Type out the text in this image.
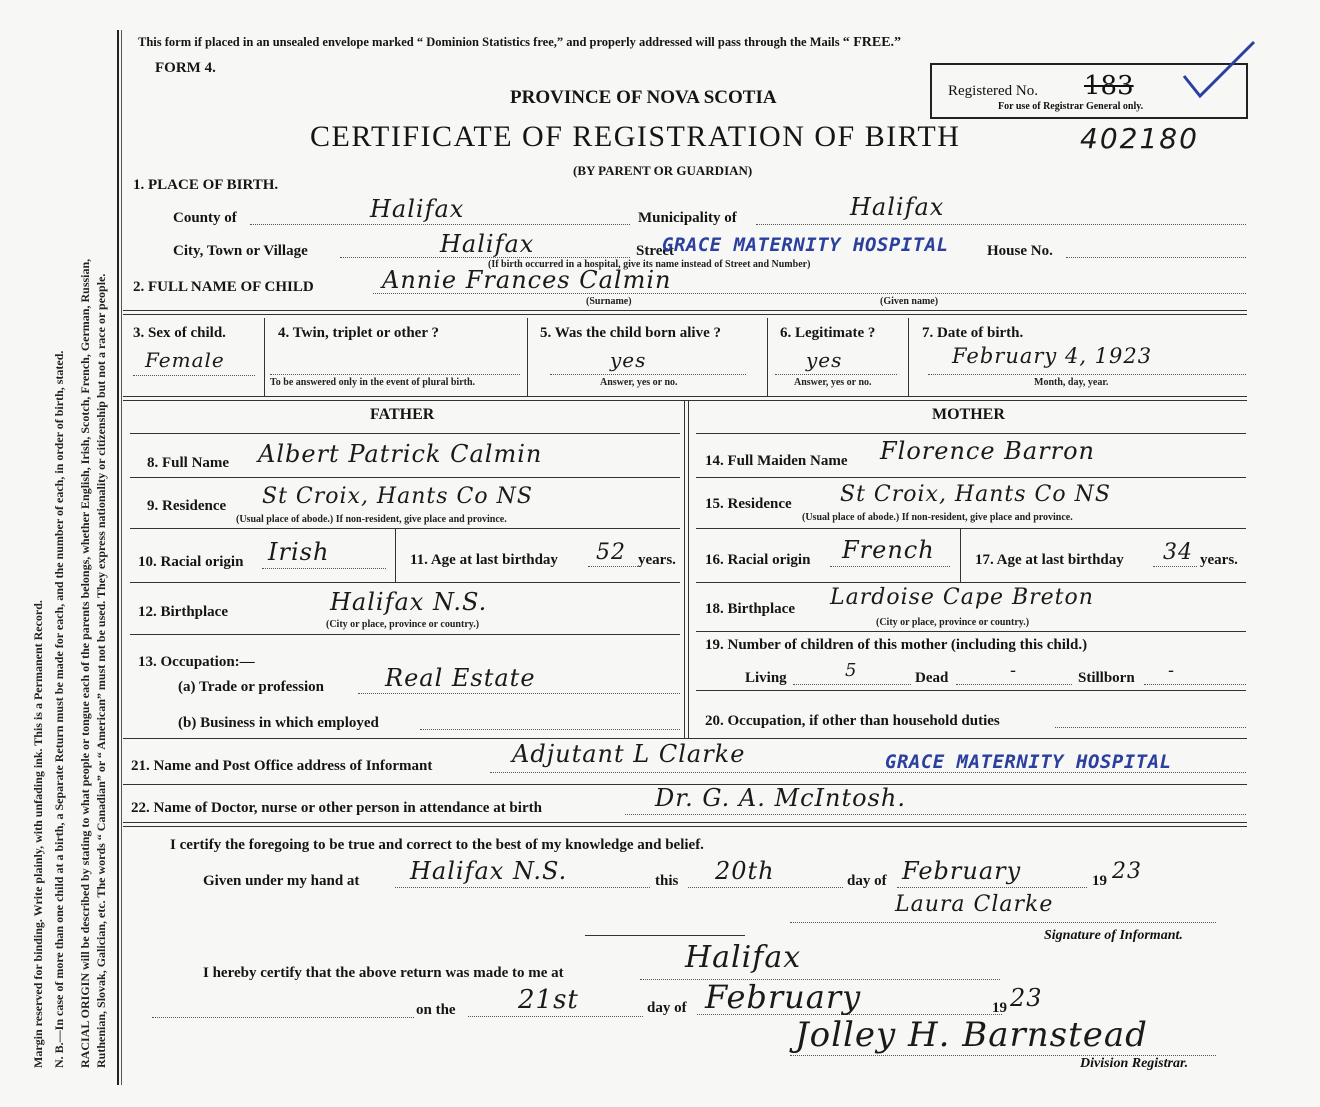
Margin reserved for binding. Write plainly, with unfading ink. This is a Permanent Record. N. B.—In case of more than one child at a birth, a Separate Return must be made for each, and the number of each, in order of birth, stated. RACIAL ORIGIN will be described by stating to what people or tongue each of the parents belongs, whether English, Irish, Scotch, French, German, Russian, Ruthenian, Slovak, Galician, etc. The words “ Canadian” or “ American” must not be used. They express nationality or citizenship but not a race or people.
This form if placed in an unsealed envelope marked “ Dominion Statistics free,” and properly addressed will pass through the Mails “ FREE.”
FORM 4.
PROVINCE OF NOVA SCOTIA
CERTIFICATE OF REGISTRATION OF BIRTH	402180
(BY PARENT OR GUARDIAN)
Registered No. 183
For use of Registrar General only.
1. PLACE OF BIRTH.
County of	Halifax	Municipality of	Halifax
City, Town or Village	Halifax	Street
GRACE MATERNITY HOSPITAL	House No.
(If birth occurred in a hospital, give its name instead of Street and Number)
2. FULL NAME OF CHILD	Annie Frances Calmin
(Surname)	(Given name)
3. Sex of child.
Female
4. Twin, triplet or other ?
To be answered only in the event of plural birth.
5. Was the child born alive ?
yes
Answer, yes or no.
6. Legitimate ?
yes
Answer, yes or no.
7. Date of birth.
February 4, 1923
Month, day, year.
FATHER	MOTHER
8. Full Name Albert Patrick Calmin
9. Residence St Croix, Hants Co NS
(Usual place of abode.) If non-resident, give place and province.
10. Racial origin Irish	11. Age at last birthday 52 years.
12. Birthplace	Halifax N.S.
(City or place, province or country.)
13. Occupation:—
(a) Trade or profession	Real Estate
(b) Business in which employed
14. Full Maiden Name Florence Barron
15. Residence St Croix, Hants Co NS
(Usual place of abode.) If non-resident, give place and province.
16. Racial origin French	17. Age at last birthday 34 years.
18. Birthplace Lardoise Cape Breton
(City or place, province or country.)
19. Number of children of this mother (including this child.)
Living	5	Dead	-	Stillborn -
20. Occupation, if other than household duties
21. Name and Post Office address of Informant	Adjutant L Clarke	GRACE MATERNITY HOSPITAL
22. Name of Doctor, nurse or other person in attendance at birth	Dr. G. A. McIntosh.
I certify the foregoing to be true and correct to the best of my knowledge and belief.
Given under my hand at Halifax N.S.	this 20th	day of February	19 23
Laura Clarke
Signature of Informant.
I hereby certify that the above return was made to me at	Halifax
on the 21st	day of February	19 23
Jolley H. Barnstead
Division Registrar.
